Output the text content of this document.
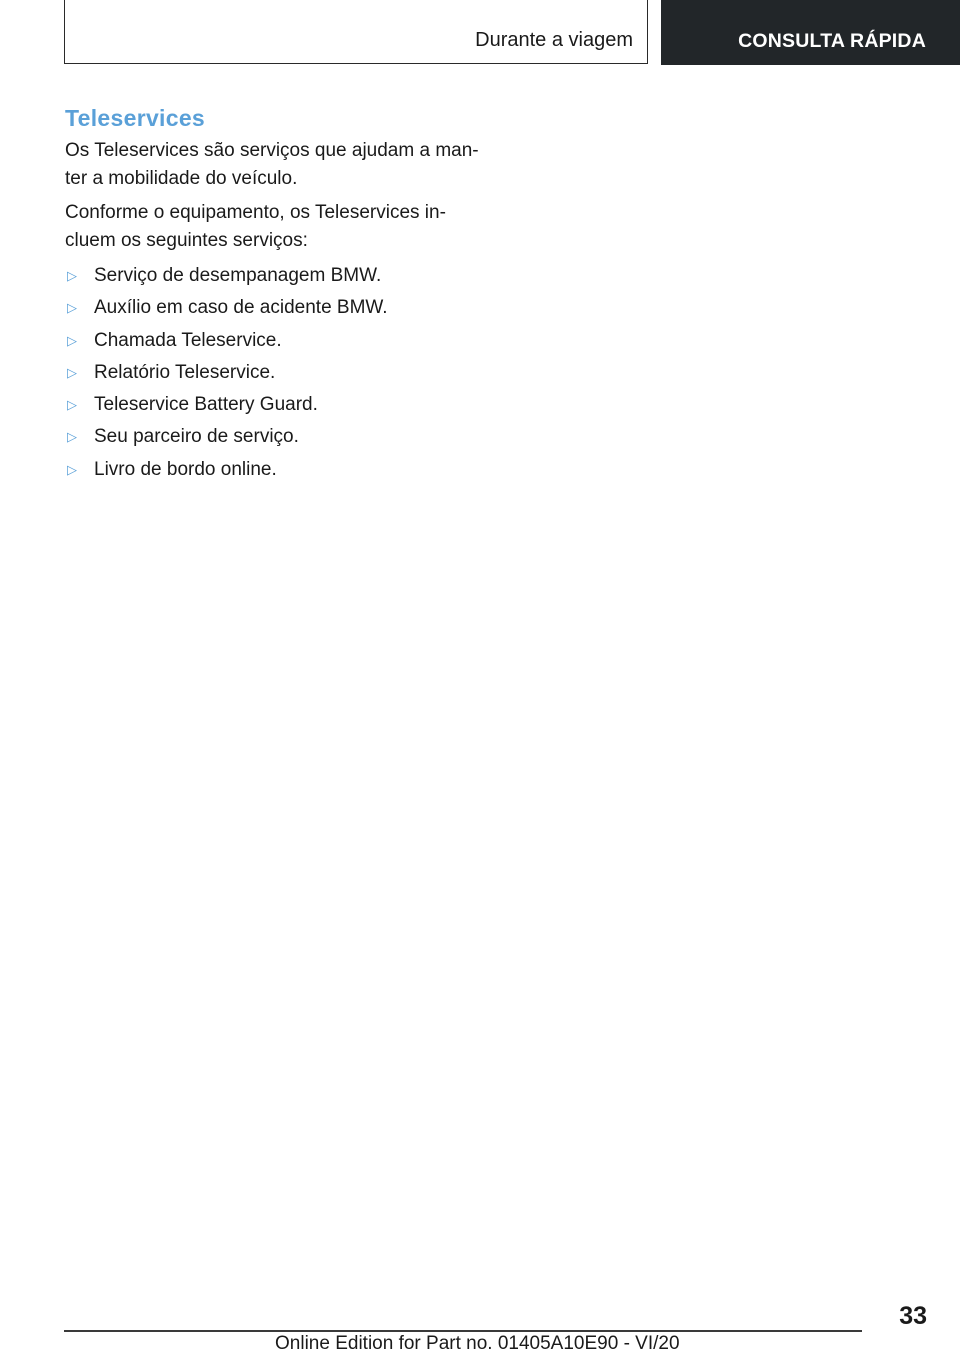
Durante a viagem	CONSULTA RÁPIDA
Teleservices

Os Teleservices são serviços que ajudam a man-ter a mobilidade do veículo.

Conforme o equipamento, os Teleservices in-cluem os seguintes serviços:

▷ Serviço de desempanagem BMW.
▷ Auxílio em caso de acidente BMW.
▷ Chamada Teleservice.
▷ Relatório Teleservice.
▷ Teleservice Battery Guard.
▷ Seu parceiro de serviço.
▷ Livro de bordo online.
33
Online Edition for Part no. 01405A10E90 - VI/20
